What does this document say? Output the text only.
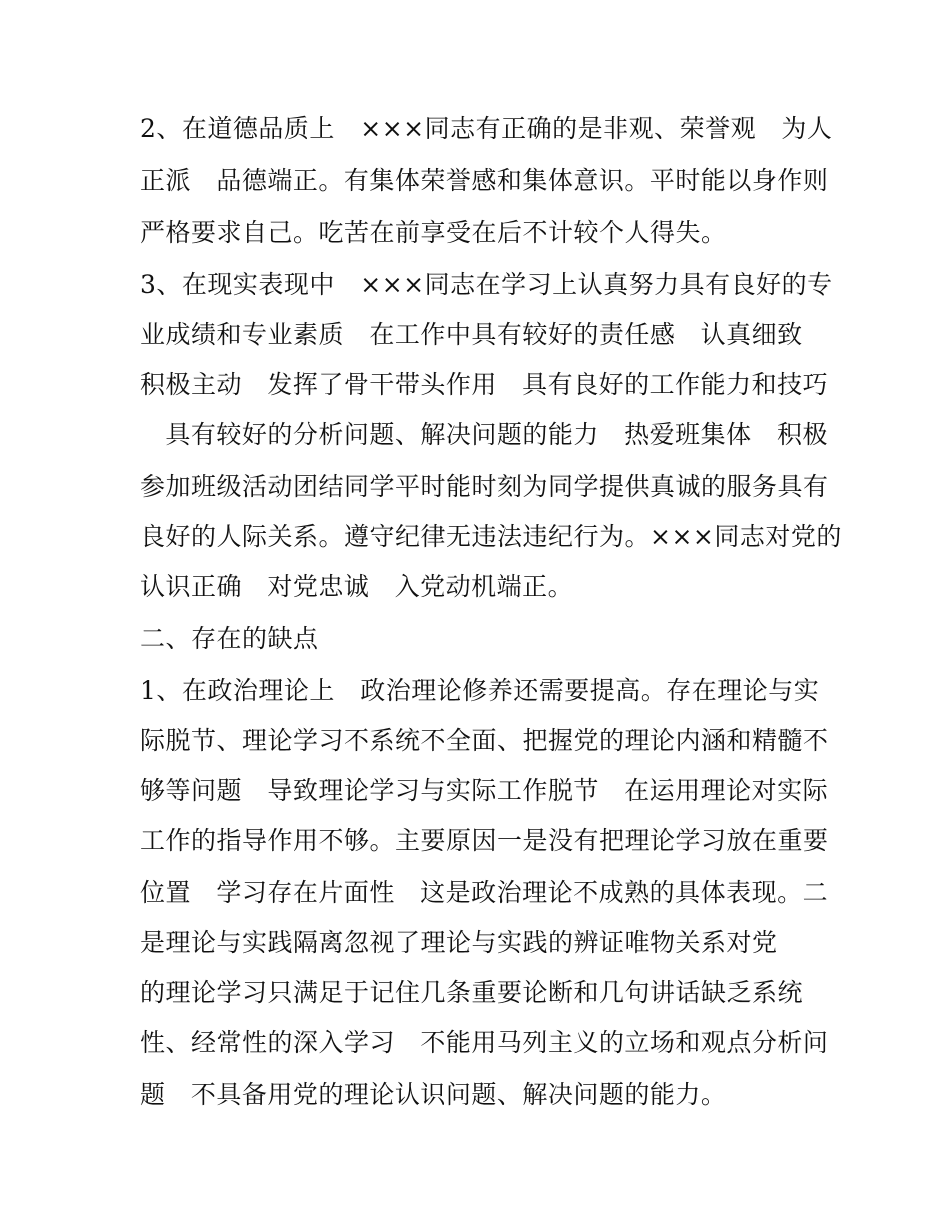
2、在道德品质上   ×××同志有正确的是非观、荣誉观   为人
正派   品德端正。有集体荣誉感和集体意识。平时能以身作则
严格要求自己。吃苦在前享受在后不计较个人得失。
3、在现实表现中   ×××同志在学习上认真努力具有良好的专
业成绩和专业素质   在工作中具有较好的责任感   认真细致
积极主动   发挥了骨干带头作用   具有良好的工作能力和技巧
具有较好的分析问题、解决问题的能力   热爱班集体   积极
参加班级活动团结同学平时能时刻为同学提供真诚的服务具有
良好的人际关系。遵守纪律无违法违纪行为。×××同志对党的
认识正确   对党忠诚   入党动机端正。
二、存在的缺点
1、在政治理论上   政治理论修养还需要提高。存在理论与实
际脱节、理论学习不系统不全面、把握党的理论内涵和精髓不
够等问题   导致理论学习与实际工作脱节   在运用理论对实际
工作的指导作用不够。主要原因一是没有把理论学习放在重要
位置   学习存在片面性   这是政治理论不成熟的具体表现。二
是理论与实践隔离忽视了理论与实践的辨证唯物关系对党
的理论学习只满足于记住几条重要论断和几句讲话缺乏系统
性、经常性的深入学习   不能用马列主义的立场和观点分析问
题   不具备用党的理论认识问题、解决问题的能力。
